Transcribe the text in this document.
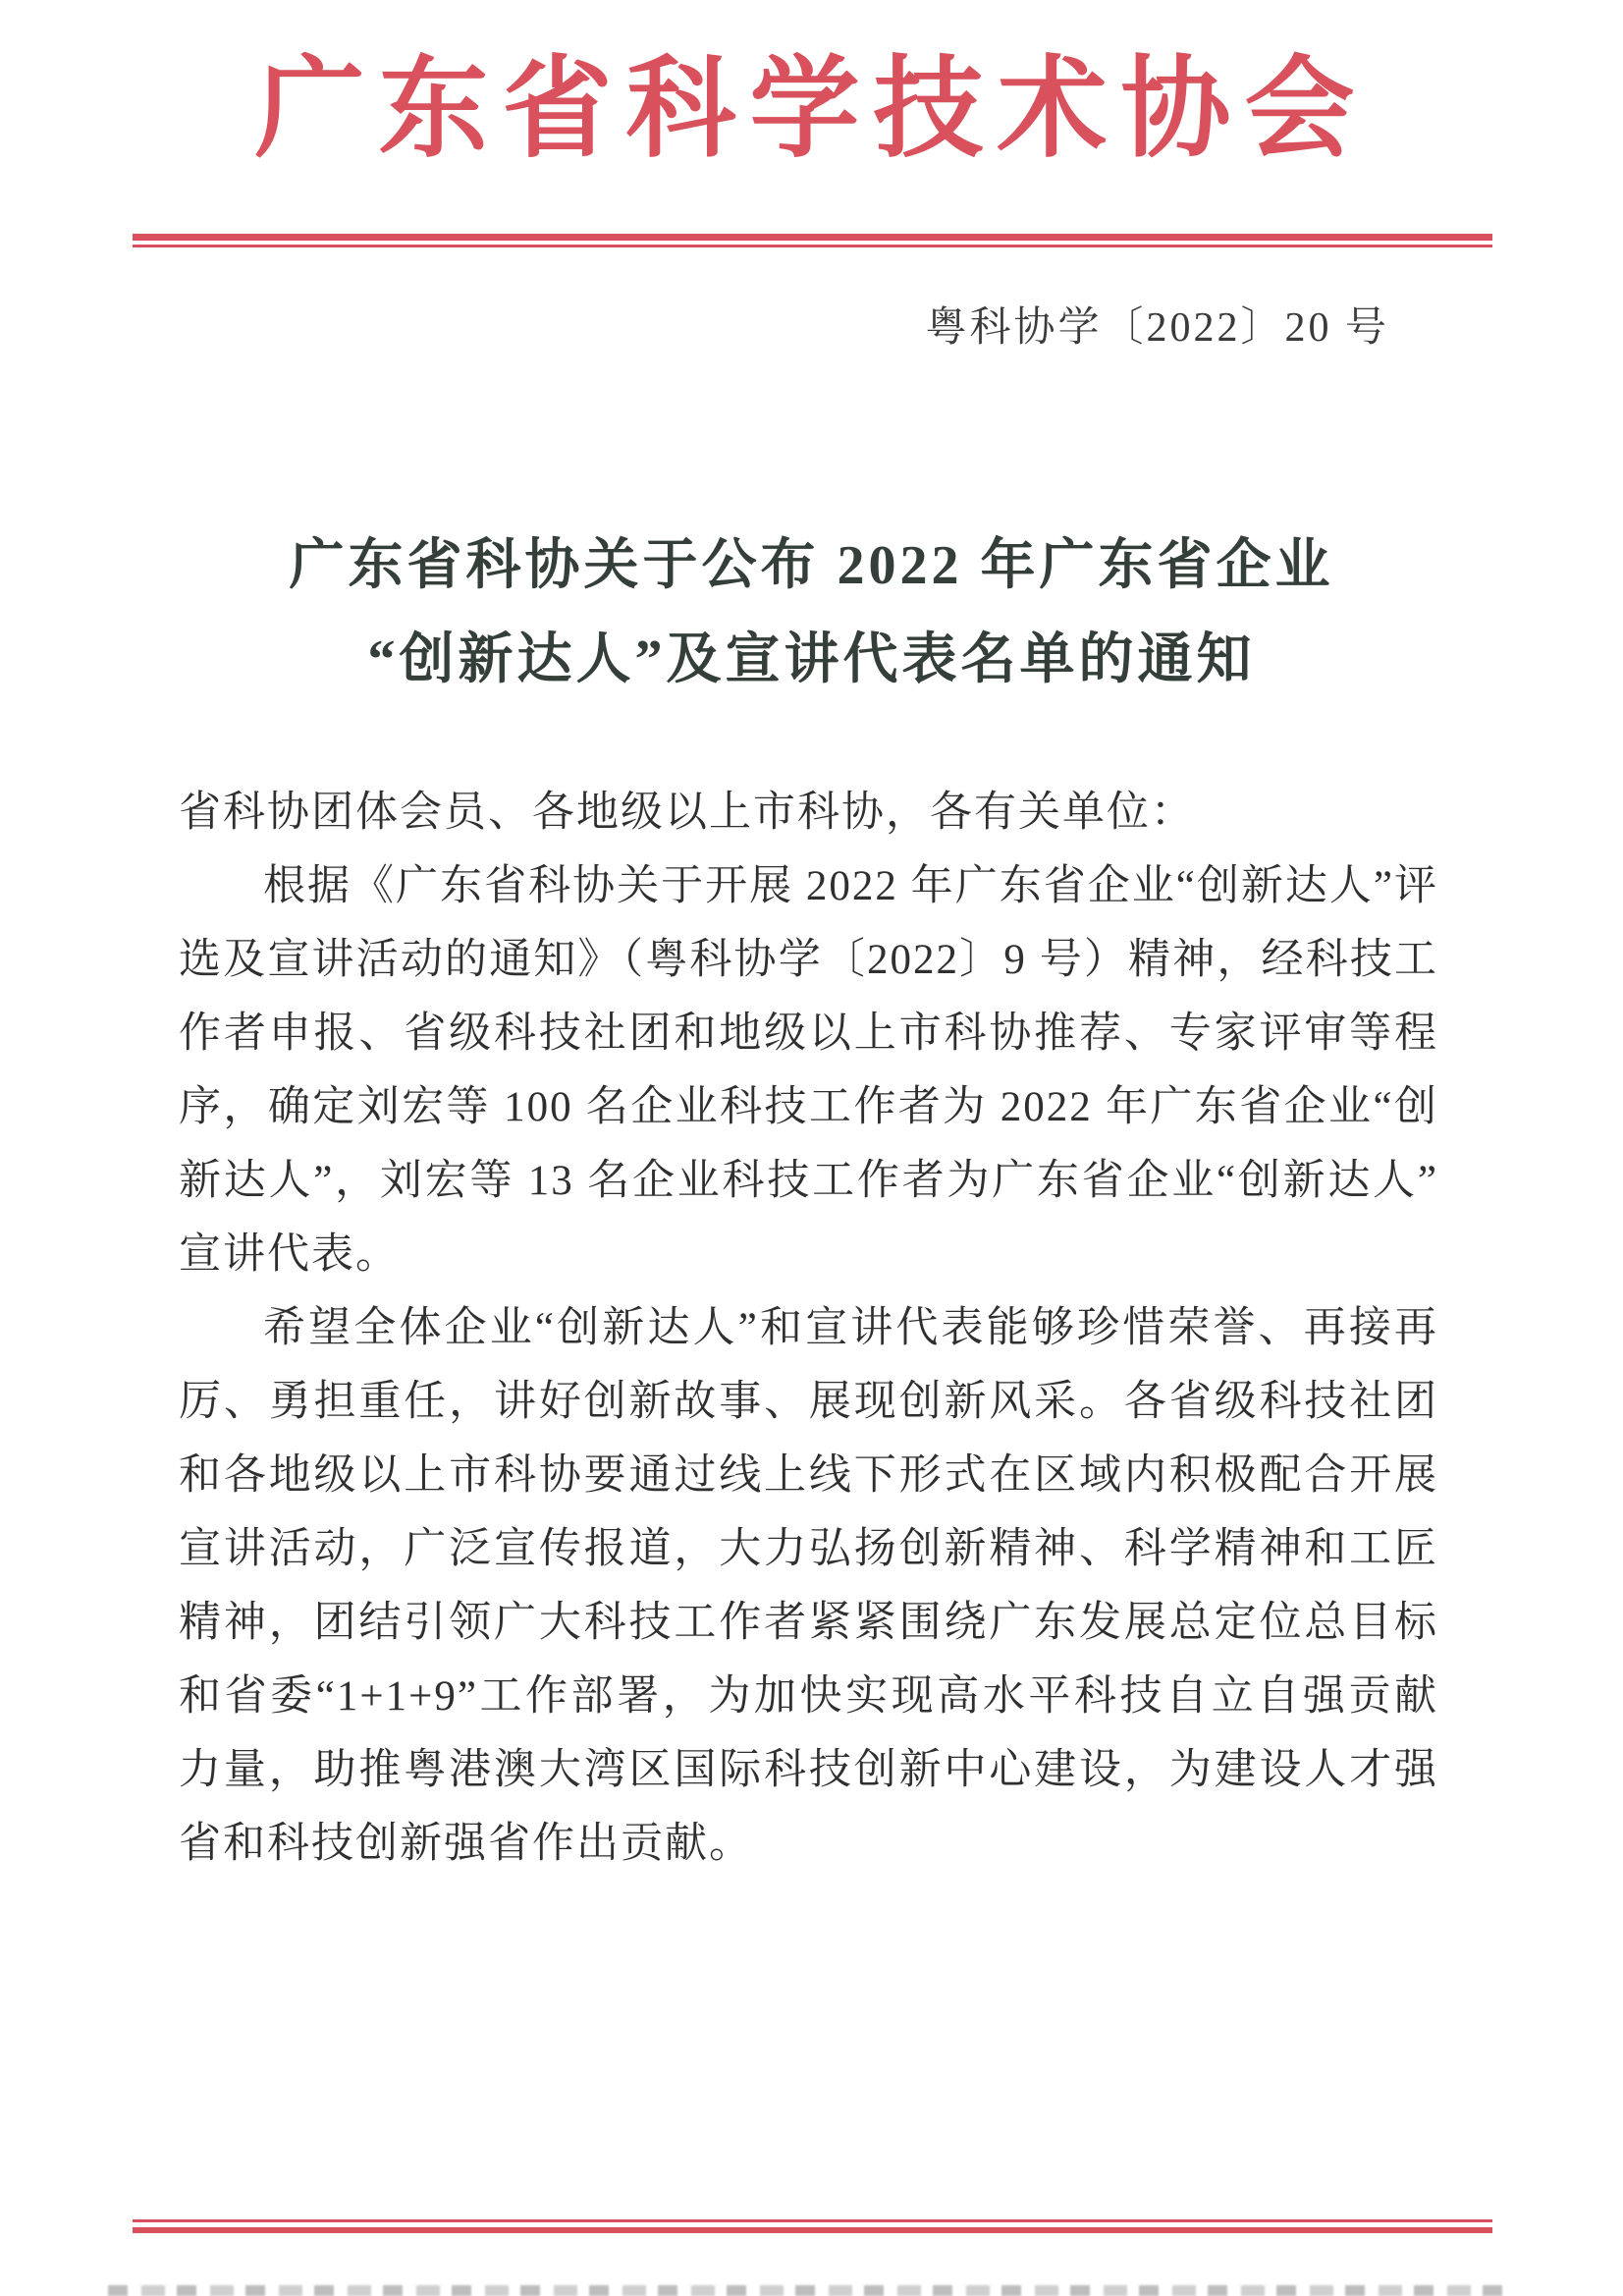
广东省科学技术协会
粤科协学〔2022〕20 号
广东省科协关于公布 2022 年广东省企业
“创新达人”及宣讲代表名单的通知
省科协团体会员、各地级以上市科协，各有关单位：
根据《广东省科协关于开展 2022 年广东省企业“创新达人”评选及宣讲活动的通知》（粤科协学〔2022〕9 号）精神，经科技工作者申报、省级科技社团和地级以上市科协推荐、专家评审等程序，确定刘宏等 100 名企业科技工作者为 2022 年广东省企业“创新达人”，刘宏等 13 名企业科技工作者为广东省企业“创新达人”宣讲代表。
希望全体企业“创新达人”和宣讲代表能够珍惜荣誉、再接再厉、勇担重任，讲好创新故事、展现创新风采。各省级科技社团和各地级以上市科协要通过线上线下形式在区域内积极配合开展宣讲活动，广泛宣传报道，大力弘扬创新精神、科学精神和工匠精神，团结引领广大科技工作者紧紧围绕广东发展总定位总目标和省委“1+1+9”工作部署，为加快实现高水平科技自立自强贡献力量，助推粤港澳大湾区国际科技创新中心建设，为建设人才强省和科技创新强省作出贡献。
